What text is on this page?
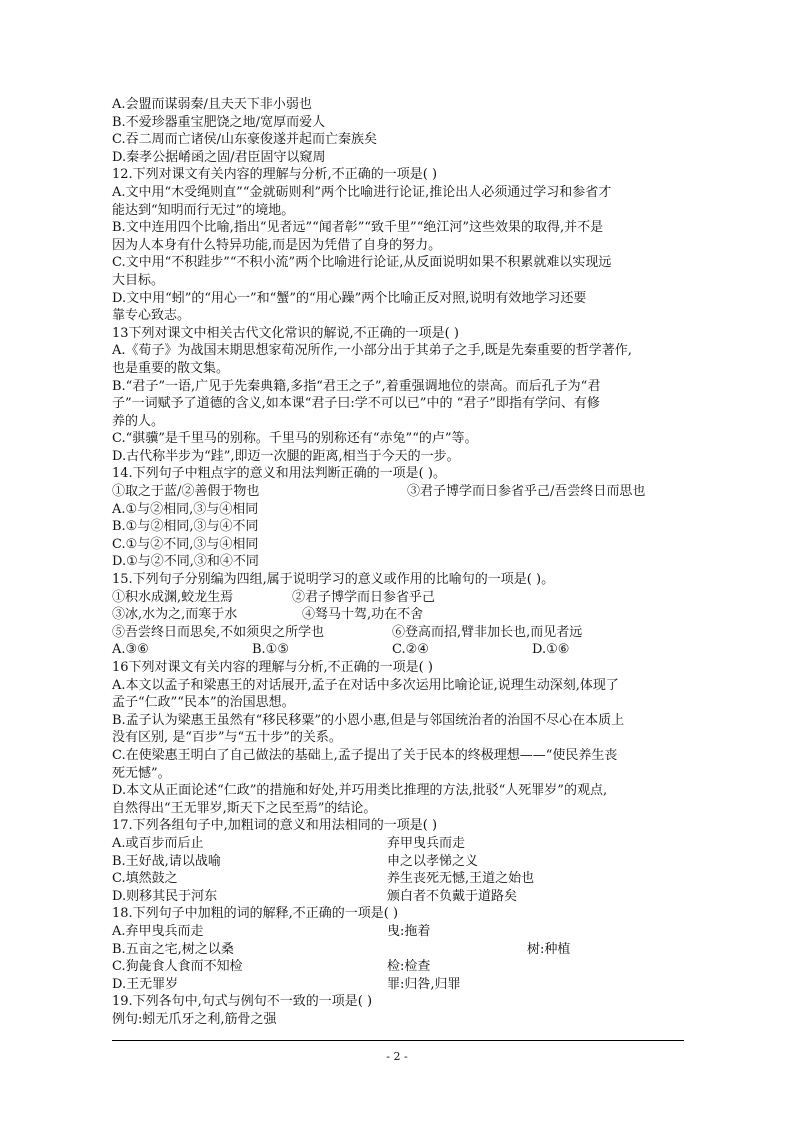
A.会盟而谋弱秦/且夫天下非小弱也
B.不爱珍器重宝肥饶之地/宽厚而爱人
C.吞二周而亡诸侯/山东豪俊遂并起而亡秦族矣
D.秦孝公据崤函之固/君臣固守以窥周
12.下列对课文有关内容的理解与分析,不正确的一项是( )
A.文中用“木受绳则直”“金就砺则利”两个比喻进行论证,推论出人必须通过学习和参省才
能达到“知明而行无过”的境地。
B.文中连用四个比喻,指出“见者远”“闻者彰”“致千里”“绝江河”这些效果的取得,并不是
因为人本身有什么特异功能,而是因为凭借了自身的努力。
C.文中用“不积跬步”“不积小流”两个比喻进行论证,从反面说明如果不积累就难以实现远
大目标。
D.文中用“蚓”的“用心一”和“蟹”的“用心躁”两个比喻正反对照,说明有效地学习还要
靠专心致志。
13下列对课文中相关古代文化常识的解说,不正确的一项是( )
A.《荀子》为战国末期思想家荀况所作,一小部分出于其弟子之手,既是先秦重要的哲学著作,
也是重要的散文集。
B.“君子”一语,广见于先秦典籍,多指“君王之子”,着重强调地位的崇高。而后孔子为“君
子”一词赋予了道德的含义,如本课“君子曰:学不可以已”中的 “君子”即指有学问、有修
养的人。
C.“骐骥”是千里马的别称。千里马的别称还有“赤兔”“的卢”等。
D.古代称半步为“跬”,即迈一次腿的距离,相当于今天的一步。
14.下列句子中粗点字的意义和用法判断正确的一项是( )。
①取之于蓝/②善假于物也	③君子博学而日参省乎己/吾尝终日而思也
A.①与②相同,③与④相同
B.①与②相同,③与④不同
C.①与②不同,③与④相同
D.①与②不同,③和④不同
15.下列句子分别编为四组,属于说明学习的意义或作用的比喻句的一项是( )。
①积水成渊,蛟龙生焉	②君子博学而日参省乎己
③冰,水为之,而寒于水	④驽马十驾,功在不舍
⑤吾尝终日而思矣,不如须臾之所学也	⑥登高而招,臂非加长也,而见者远
A.③⑥	B.①⑤	C.②④	D.①⑥
16下列对课文有关内容的理解与分析,不正确的一项是( )
A.本文以孟子和梁惠王的对话展开,孟子在对话中多次运用比喻论证,说理生动深刻,体现了
孟子“仁政”“民本”的治国思想。
B.孟子认为梁惠王虽然有“移民移粟”的小恩小惠,但是与邻国统治者的治国不尽心在本质上
没有区别, 是“百步”与“五十步”的关系。
C.在使梁惠王明白了自己做法的基础上,孟子提出了关于民本的终极理想——“使民养生丧
死无憾”。
D.本文从正面论述“仁政”的措施和好处,并巧用类比推理的方法,批驳“人死罪岁”的观点,
自然得出“王无罪岁,斯天下之民至焉”的结论。
17.下列各组句子中,加粗词的意义和用法相同的一项是( )
A.或百步而后止	弃甲曳兵而走
B.王好战,请以战喻	申之以孝悌之义
C.填然鼓之	养生丧死无憾,王道之始也
D.则移其民于河东	颁白者不负戴于道路矣
18.下列句子中加粗的词的解释,不正确的一项是( )
A.弃甲曳兵而走	曳:拖着
B.五亩之宅,树之以桑	树:种植
C.狗彘食人食而不知检	检:检查
D.王无罪岁	罪:归咎,归罪
19.下列各句中,句式与例句不一致的一项是( )
例句:蚓无爪牙之利,筋骨之强
- 2 -
